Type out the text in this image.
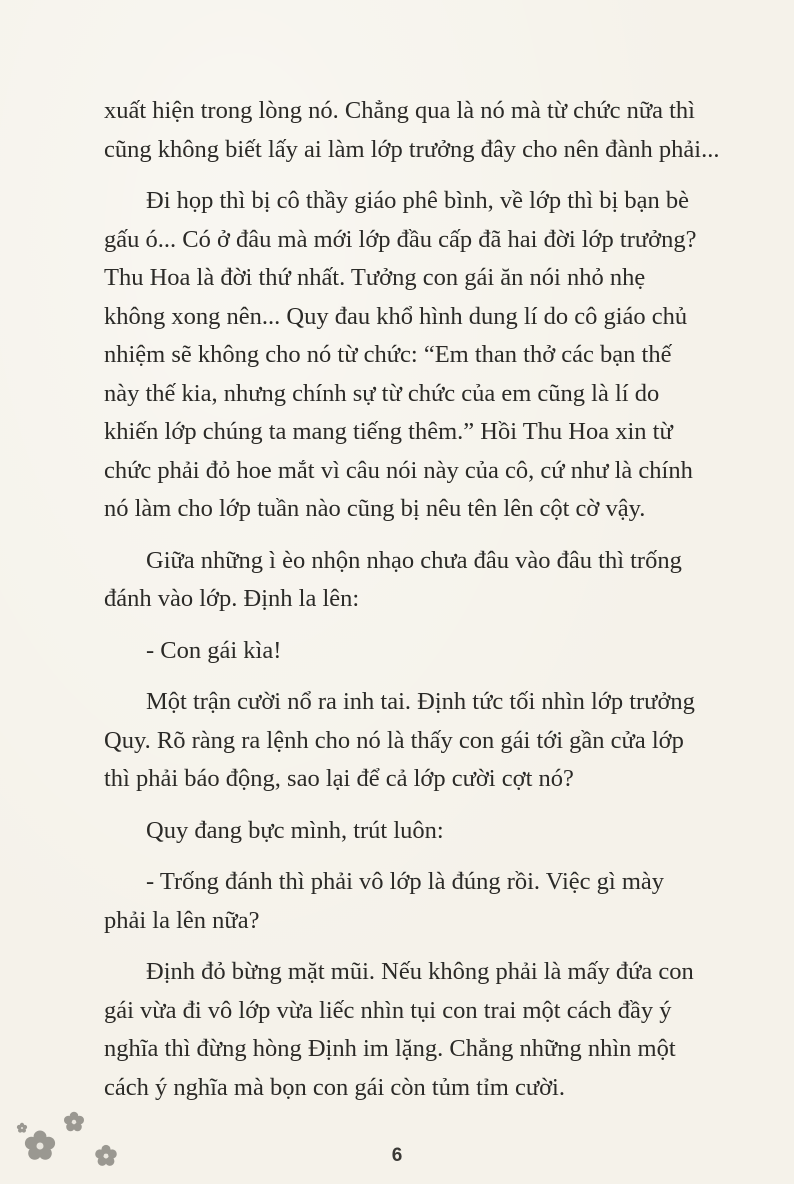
xuất hiện trong lòng nó. Chẳng qua là nó mà từ chức nữa thì
cũng không biết lấy ai làm lớp trưởng đây cho nên đành phải...

Đi họp thì bị cô thầy giáo phê bình, về lớp thì bị bạn bè
gấu ó... Có ở đâu mà mới lớp đầu cấp đã hai đời lớp trưởng?
Thu Hoa là đời thứ nhất. Tưởng con gái ăn nói nhỏ nhẹ
không xong nên... Quy đau khổ hình dung lí do cô giáo chủ
nhiệm sẽ không cho nó từ chức: “Em than thở các bạn thế
này thế kia, nhưng chính sự từ chức của em cũng là lí do
khiến lớp chúng ta mang tiếng thêm.” Hồi Thu Hoa xin từ
chức phải đỏ hoe mắt vì câu nói này của cô, cứ như là chính
nó làm cho lớp tuần nào cũng bị nêu tên lên cột cờ vậy.

Giữa những ì èo nhộn nhạo chưa đâu vào đâu thì trống
đánh vào lớp. Định la lên:

- Con gái kìa!

Một trận cười nổ ra inh tai. Định tức tối nhìn lớp trưởng
Quy. Rõ ràng ra lệnh cho nó là thấy con gái tới gần cửa lớp
thì phải báo động, sao lại để cả lớp cười cợt nó?

Quy đang bực mình, trút luôn:

- Trống đánh thì phải vô lớp là đúng rồi. Việc gì mày
phải la lên nữa?

Định đỏ bừng mặt mũi. Nếu không phải là mấy đứa con
gái vừa đi vô lớp vừa liếc nhìn tụi con trai một cách đầy ý
nghĩa thì đừng hòng Định im lặng. Chẳng những nhìn một
cách ý nghĩa mà bọn con gái còn tủm tỉm cười.

6
